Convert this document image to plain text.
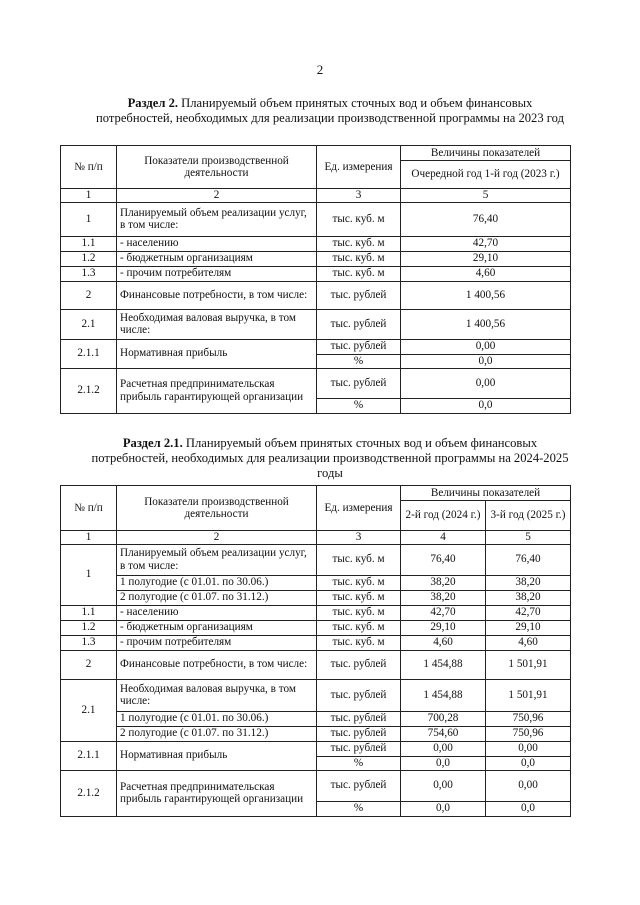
2
Раздел 2. Планируемый объем принятых сточных вод и объем финансовых потребностей, необходимых для реализации производственной программы на 2023 год
№ п/п	Показатели производственной деятельности	Ед. измерения	Величины показателей
			Очередной год 1-й год (2023 г.)
1	2	3	5
1	Планируемый объем реализации услуг, в том числе:	тыс. куб. м	76,40
1.1	- населению	тыс. куб. м	42,70
1.2	- бюджетным организациям	тыс. куб. м	29,10
1.3	- прочим потребителям	тыс. куб. м	4,60
2	Финансовые потребности, в том числе:	тыс. рублей	1 400,56
2.1	Необходимая валовая выручка, в том числе:	тыс. рублей	1 400,56
2.1.1	Нормативная прибыль	тыс. рублей	0,00
		%	0,0
2.1.2	Расчетная предпринимательская прибыль гарантирующей организации	тыс. рублей	0,00
		%	0,0
Раздел 2.1. Планируемый объем принятых сточных вод и объем финансовых потребностей, необходимых для реализации производственной программы на 2024-2025 годы
№ п/п	Показатели производственной деятельности	Ед. измерения	Величины показателей	
			2-й год (2024 г.)	3-й год (2025 г.)
1	2	3	4	5
1	Планируемый объем реализации услуг, в том числе:	тыс. куб. м	76,40	76,40
	1 полугодие (с 01.01. по 30.06.)	тыс. куб. м	38,20	38,20
	2 полугодие (с 01.07. по 31.12.)	тыс. куб. м	38,20	38,20
1.1	- населению	тыс. куб. м	42,70	42,70
1.2	- бюджетным организациям	тыс. куб. м	29,10	29,10
1.3	- прочим потребителям	тыс. куб. м	4,60	4,60
2	Финансовые потребности, в том числе:	тыс. рублей	1 454,88	1 501,91
2.1	Необходимая валовая выручка, в том числе:	тыс. рублей	1 454,88	1 501,91
	1 полугодие (с 01.01. по 30.06.)	тыс. рублей	700,28	750,96
	2 полугодие (с 01.07. по 31.12.)	тыс. рублей	754,60	750,96
2.1.1	Нормативная прибыль	тыс. рублей	0,00	0,00
		%	0,0	0,0
2.1.2	Расчетная предпринимательская прибыль гарантирующей организации	тыс. рублей	0,00	0,00
		%	0,0	0,0
